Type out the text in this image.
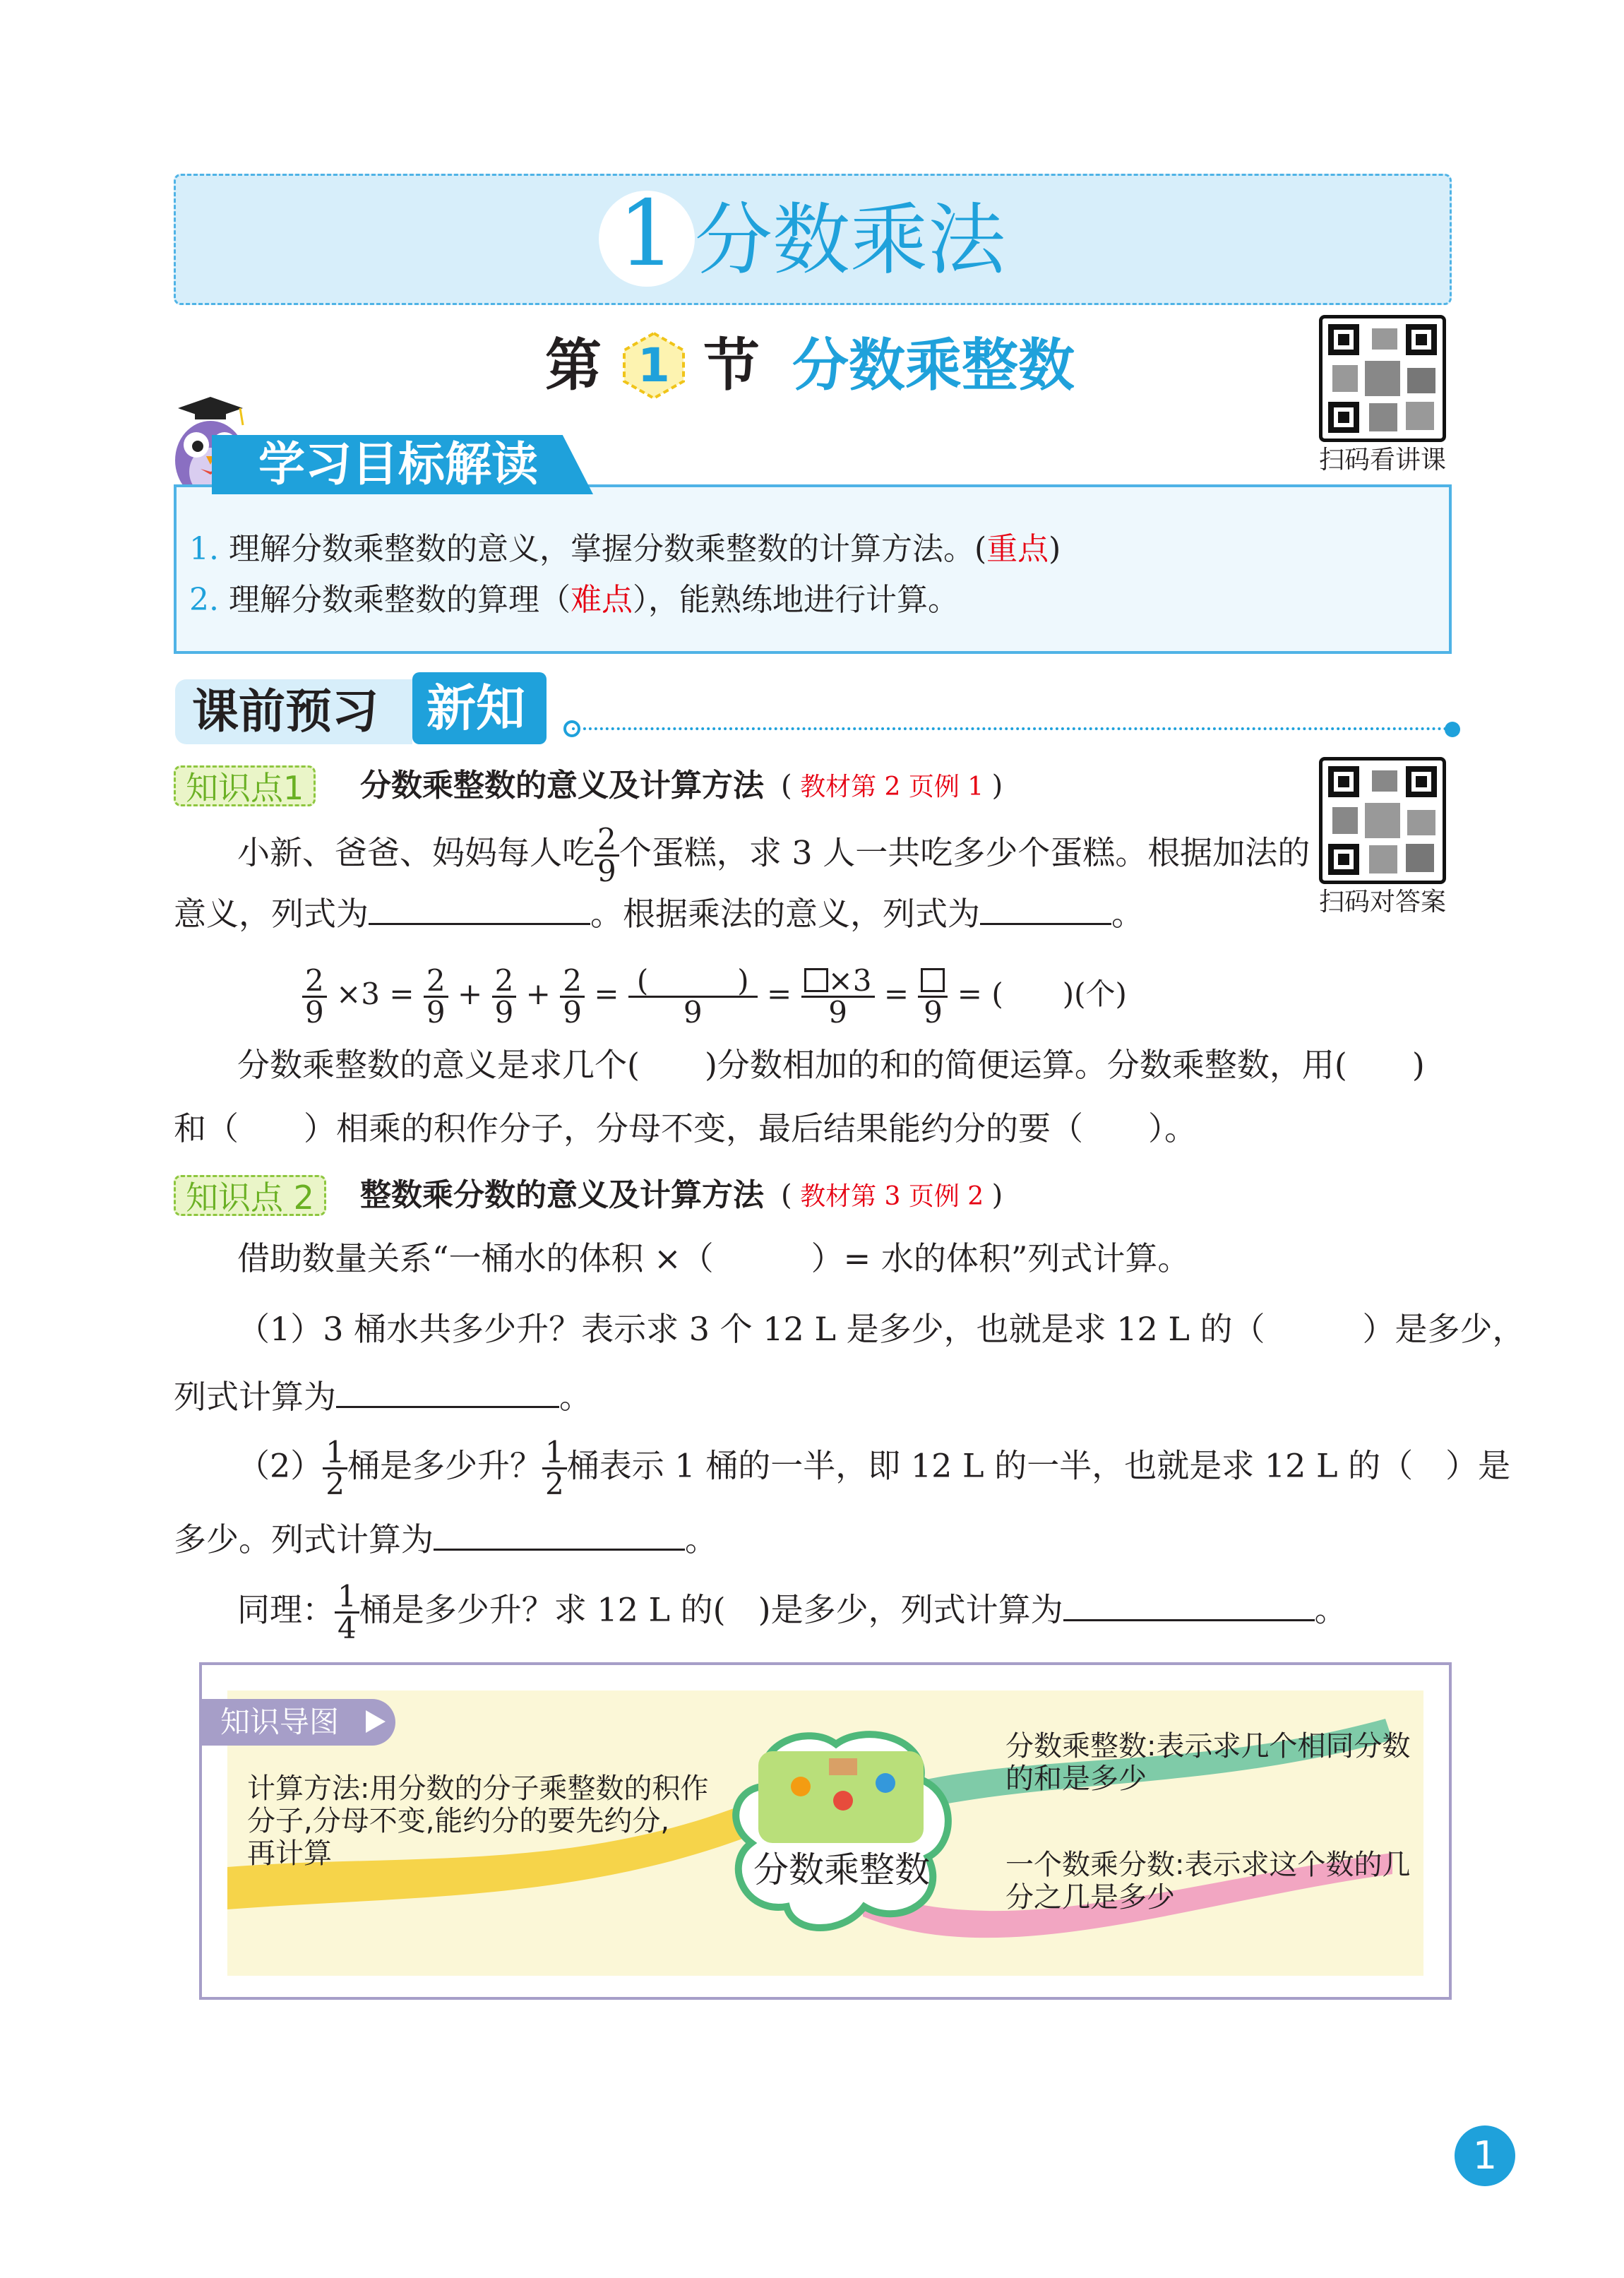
1 分数乘法
第 1 节 分数乘整数
扫码看讲课
学习目标解读
1. 理解分数乘整数的意义，掌握分数乘整数的计算方法。(重点)
2. 理解分数乘整数的算理（难点），能熟练地进行计算。
课前预习 新知
扫码对答案
知识点1	分数乘整数的意义及计算方法 ( 教材第 2 页例 1 )
小新、爸爸、妈妈每人吃 $\frac{2}{9}$ 个蛋糕，求 3 人一共吃多少个蛋糕。根据加法的
意义，列式为	。根据乘法的意义，列式为	。
$\frac{2}{9} \times 3 = \frac{2}{9} + \frac{2}{9} + \frac{2}{9} = \frac{( )}{9} = \frac{\times 3}{9}$ =
9
= (　　)(个)
分数乘整数的意义是求几个(　　)分数相加的和的简便运算。分数乘整数，用(　　)
和（　　）相乘的积作分子，分母不变，最后结果能约分的要（　　）。
知识点 2	整数乘分数的意义及计算方法 ( 教材第 3 页例 2 )
借助数量关系“一桶水的体积 ×（　　　）= 水的体积”列式计算。
（1）3 桶水共多少升？表示求 3 个 12 L 是多少，也就是求 12 L 的（　　　）是多少，
列式计算为	。
$(2) \frac{1}{2}$ 桶是多少升？ $\frac{1}{2}$ 桶表示 1 桶的一半，即 12 L 的一半，也就是求 12 L 的（　）是
多少。列式计算为	。
同理： $\frac{1}{4}$ 桶是多少升？求 12 L 的(　)是多少，列式计算为	。
分数乘整数
知识导图
计算方法:用分数的分子乘整数的积作
分子,分母不变,能约分的要先约分,
再计算
分数乘整数:表示求几个相同分数
的和是多少
一个数乘分数:表示求这个数的几
分之几是多少
1
